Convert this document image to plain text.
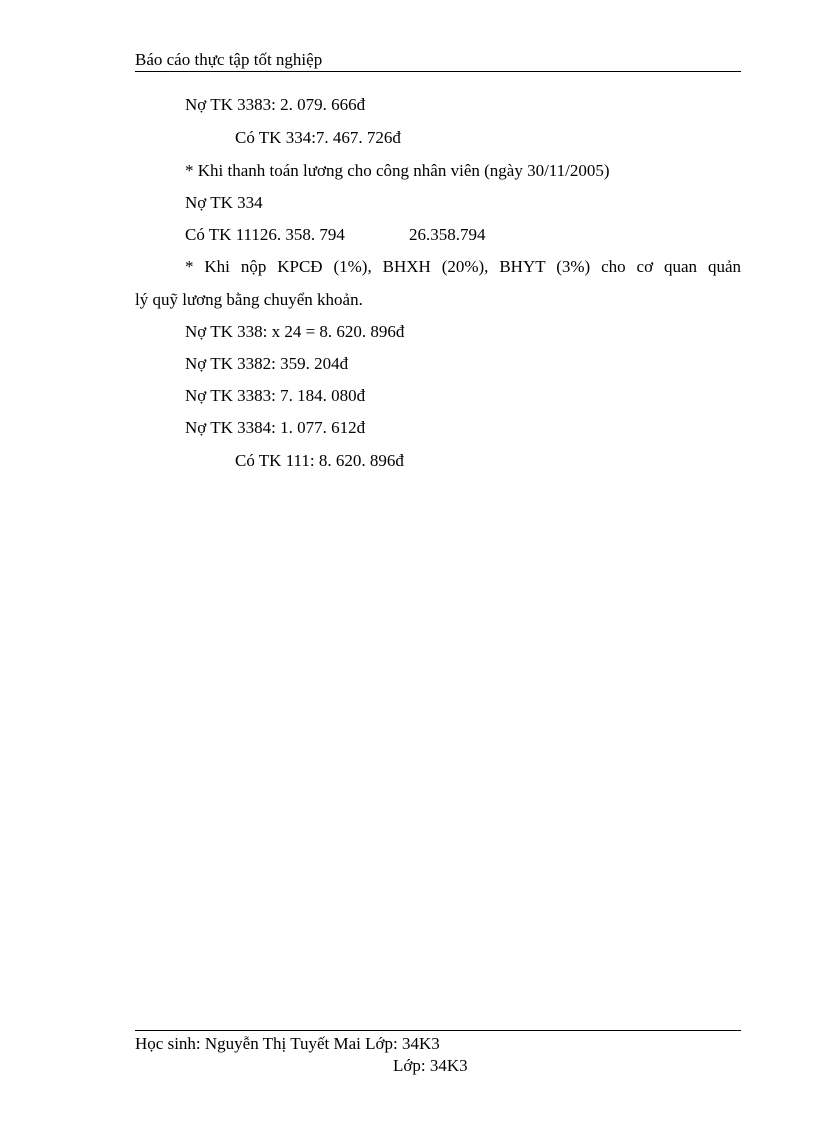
Báo cáo thực tập tốt nghiệp
Nợ TK 3383: 2. 079. 666đ
Có TK 334:7. 467. 726đ
* Khi thanh toán lương cho công nhân viên (ngày 30/11/2005)
Nợ TK 334
Có TK 11126. 358. 794	26.358.794
* Khi nộp KPCĐ (1%), BHXH (20%), BHYT (3%) cho cơ quan quản
lý quỹ lương bằng chuyển khoản.
Nợ TK 338: x 24 = 8. 620. 896đ
Nợ TK 3382: 359. 204đ
Nợ TK 3383: 7. 184. 080đ
Nợ TK 3384: 1. 077. 612đ
Có TK 111: 8. 620. 896đ
Học sinh: Nguyễn Thị Tuyết Mai Lớp: 34K3
Lớp: 34K3
